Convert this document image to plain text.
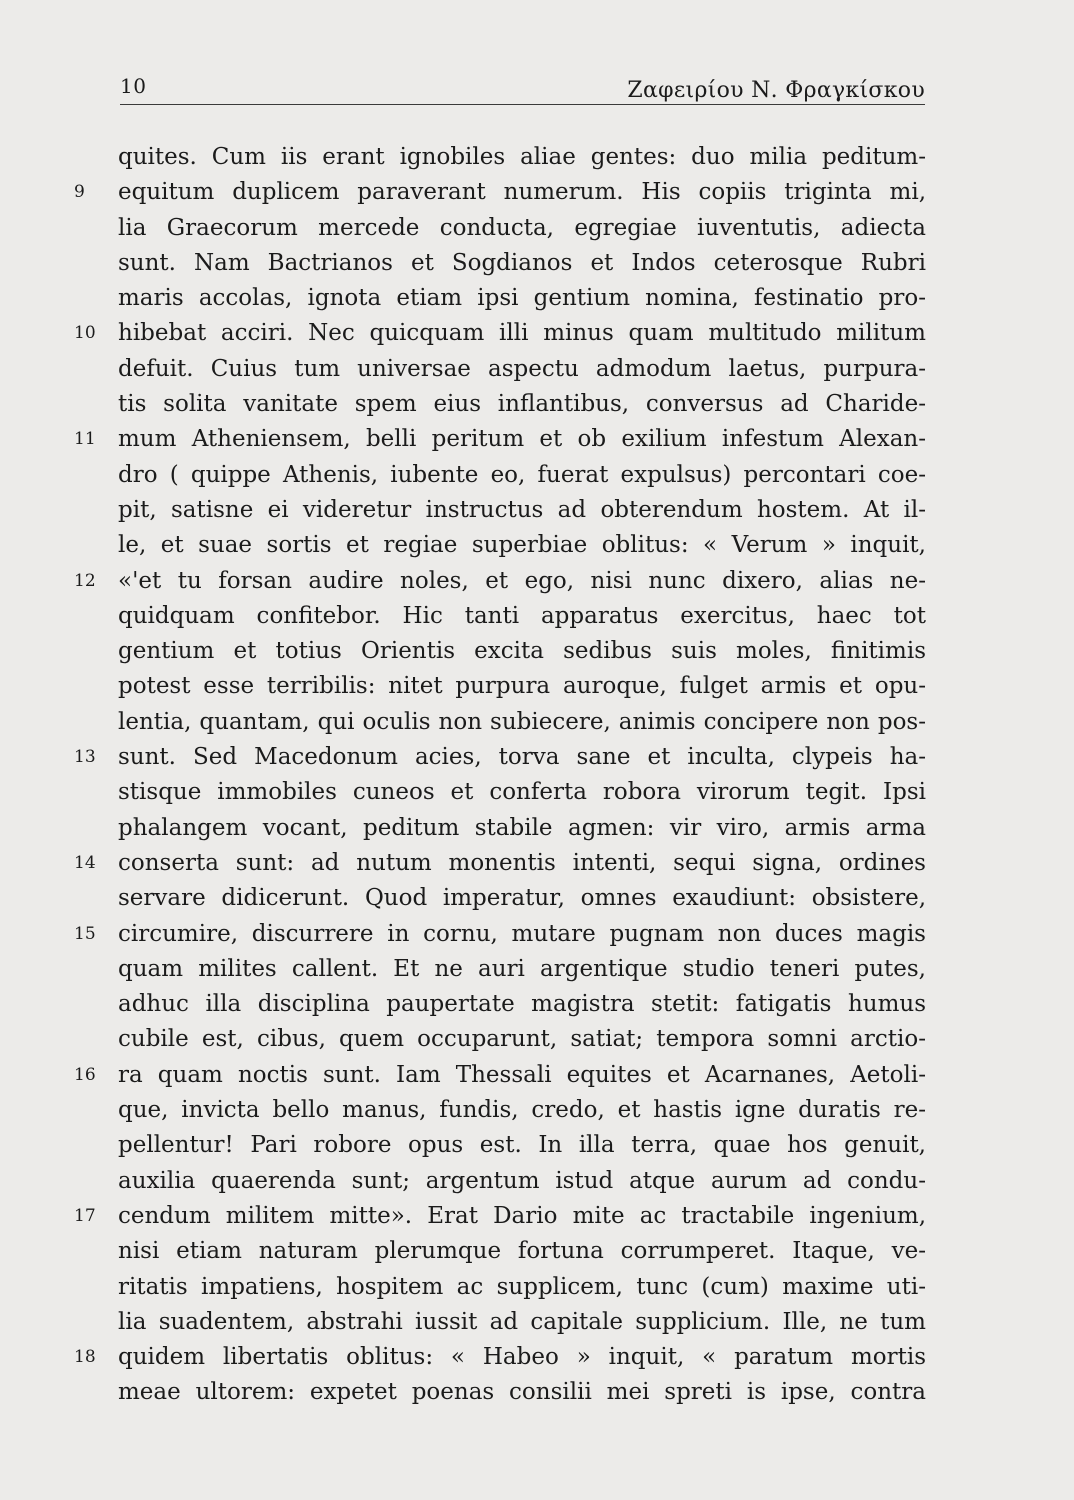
10	Ζαφειρίου Ν. Φραγκίσκου
quites. Cum iis erant ignobiles aliae gentes: duo milia peditum-
9	equitum duplicem paraverant numerum. His copiis triginta mi,
lia Graecorum mercede conducta, egregiae iuventutis, adiecta
sunt. Nam Bactrianos et Sogdianos et Indos ceterosque Rubri
maris accolas, ignota etiam ipsi gentium nomina, festinatio pro-
10 hibebat acciri. Nec quicquam illi minus quam multitudo militum
defuit. Cuius tum universae aspectu admodum laetus, purpura-
tis solita vanitate spem eius inflantibus, conversus ad Charide-
11 mum Atheniensem, belli peritum et ob exilium infestum Alexan-
dro ( quippe Athenis, iubente eo, fuerat expulsus) percontari coe-
pit, satisne ei videretur instructus ad obterendum hostem. At il-
le, et suae sortis et regiae superbiae oblitus: « Verum » inquit,
12 «'et tu forsan audire noles, et ego, nisi nunc dixero, alias ne-
quidquam confitebor. Hic tanti apparatus exercitus, haec tot
gentium et totius Orientis excita sedibus suis moles, finitimis
potest esse terribilis: nitet purpura auroque, fulget armis et opu-
lentia, quantam, qui oculis non subiecere, animis concipere non pos-
13 sunt. Sed Macedonum acies, torva sane et inculta, clypeis ha-
stisque immobiles cuneos et conferta robora virorum tegit. Ipsi
phalangem vocant, peditum stabile agmen: vir viro, armis arma
14 conserta sunt: ad nutum monentis intenti, sequi signa, ordines
servare didicerunt. Quod imperatur, omnes exaudiunt: obsistere,
15 circumire, discurrere in cornu, mutare pugnam non duces magis
quam milites callent. Et ne auri argentique studio teneri putes,
adhuc illa disciplina paupertate magistra stetit: fatigatis humus
cubile est, cibus, quem occuparunt, satiat; tempora somni arctio-
16 ra quam noctis sunt. Iam Thessali equites et Acarnanes, Aetoli-
que, invicta bello manus, fundis, credo, et hastis igne duratis re-
pellentur! Pari robore opus est. In illa terra, quae hos genuit,
auxilia quaerenda sunt; argentum istud atque aurum ad condu-
17 cendum militem mitte». Erat Dario mite ac tractabile ingenium,
nisi etiam naturam plerumque fortuna corrumperet. Itaque, ve-
ritatis impatiens, hospitem ac supplicem, tunc (cum) maxime uti-
lia suadentem, abstrahi iussit ad capitale supplicium. Ille, ne tum
18 quidem libertatis oblitus: « Habeo » inquit, « paratum mortis
meae ultorem: expetet poenas consilii mei spreti is ipse, contra
